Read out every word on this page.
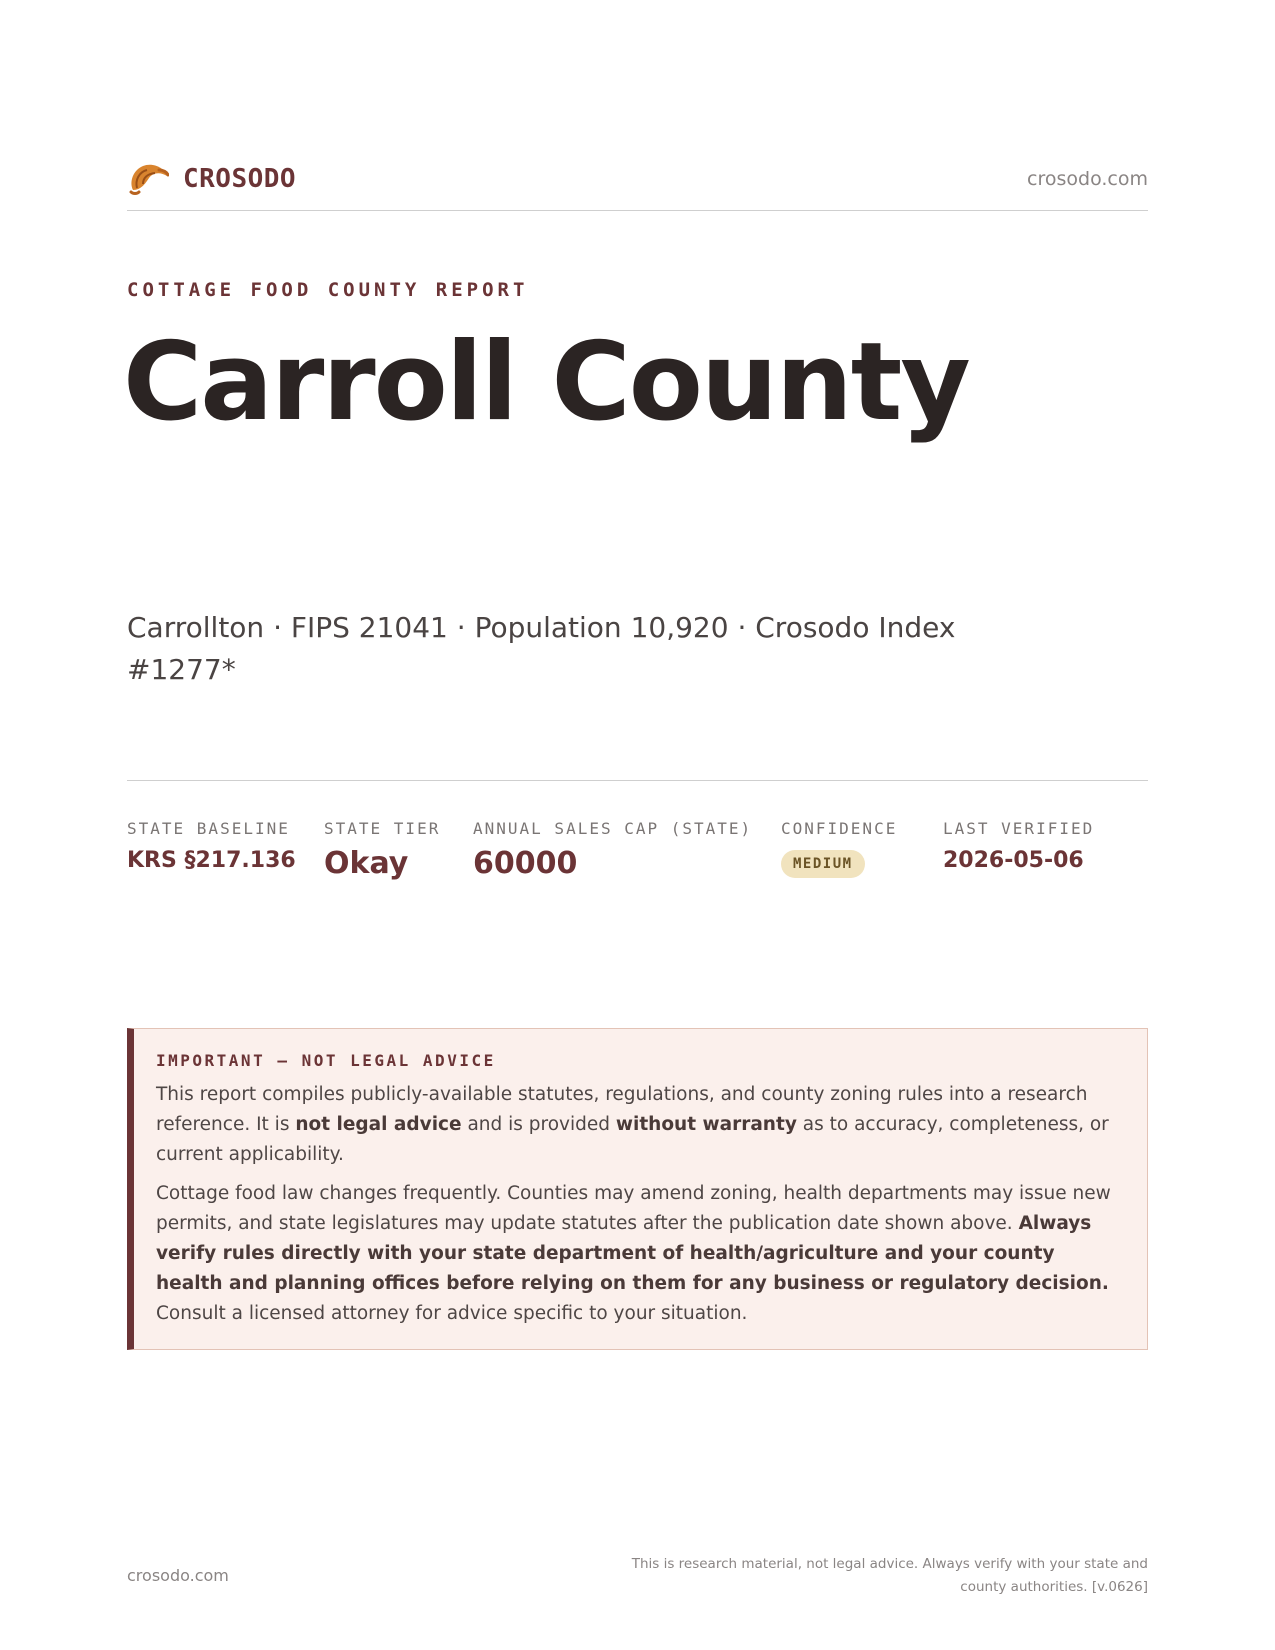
CROSODO	crosodo.com
COTTAGE FOOD COUNTY REPORT
Carroll County
Carrollton · FIPS 21041 · Population 10,920 · Crosodo Index #1277*
STATE BASELINE
KRS §217.136
STATE TIER
Okay
ANNUAL SALES CAP (STATE)
60000
CONFIDENCE
MEDIUM
LAST VERIFIED
2026-05-06
IMPORTANT — NOT LEGAL ADVICE

This report compiles publicly-available statutes, regulations, and county zoning rules into a research reference. It is not legal advice and is provided without warranty as to accuracy, completeness, or current applicability.

Cottage food law changes frequently. Counties may amend zoning, health departments may issue new permits, and state legislatures may update statutes after the publication date shown above. Always verify rules directly with your state department of health/agriculture and your county health and planning offices before relying on them for any business or regulatory decision. Consult a licensed attorney for advice specific to your situation.

crosodo.com
This is research material, not legal advice. Always verify with your state and county authorities. [v.0626]
